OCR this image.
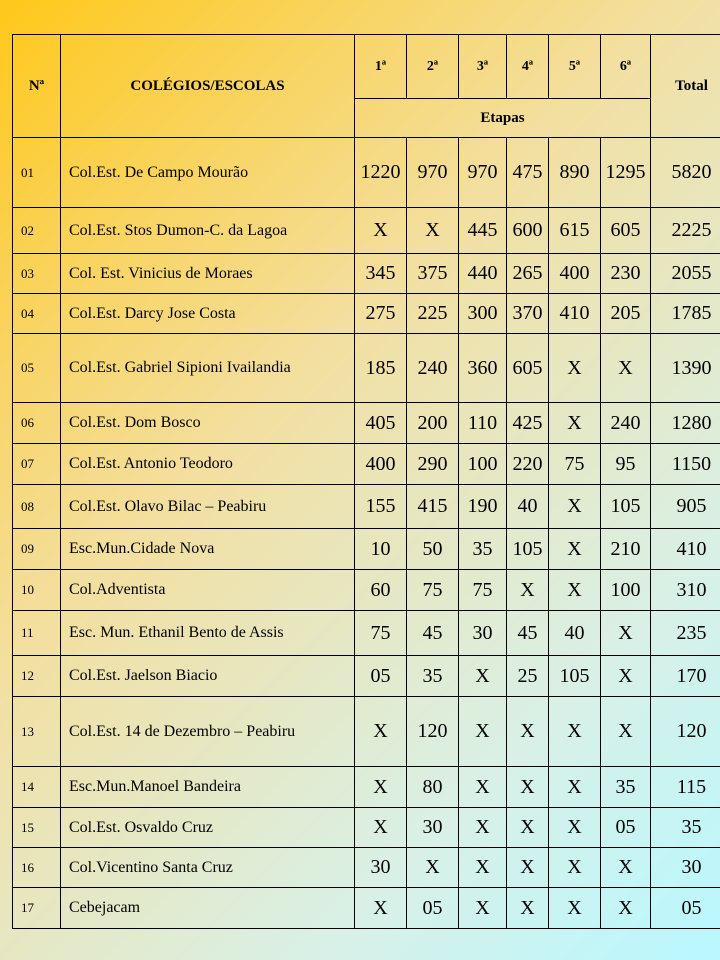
Nª	COLÉGIOS/ESCOLAS	1ª	2ª	3ª	4ª	5ª	6ª	Total
		Etapas						
01	Col.Est. De Campo Mourão	1220	970	970	475	890	1295	5820
02	Col.Est. Stos Dumon-C. da Lagoa	X	X	445	600	615	605	2225
03	Col. Est. Vinicius de Moraes	345	375	440	265	400	230	2055
04	Col.Est. Darcy Jose Costa	275	225	300	370	410	205	1785
05	Col.Est. Gabriel Sipioni Ivailandia	185	240	360	605	X	X	1390
06	Col.Est. Dom Bosco	405	200	110	425	X	240	1280
07	Col.Est. Antonio Teodoro	400	290	100	220	75	95	1150
08	Col.Est. Olavo Bilac – Peabiru	155	415	190	40	X	105	905
09	Esc.Mun.Cidade Nova	10	50	35	105	X	210	410
10	Col.Adventista	60	75	75	X	X	100	310
11	Esc. Mun. Ethanil Bento de Assis	75	45	30	45	40	X	235
12	Col.Est. Jaelson Biacio	05	35	X	25	105	X	170
13	Col.Est. 14 de Dezembro – Peabiru	X	120	X	X	X	X	120
14	Esc.Mun.Manoel Bandeira	X	80	X	X	X	35	115
15	Col.Est. Osvaldo Cruz	X	30	X	X	X	05	35
16	Col.Vicentino Santa Cruz	30	X	X	X	X	X	30
17	Cebejacam	X	05	X	X	X	X	05
